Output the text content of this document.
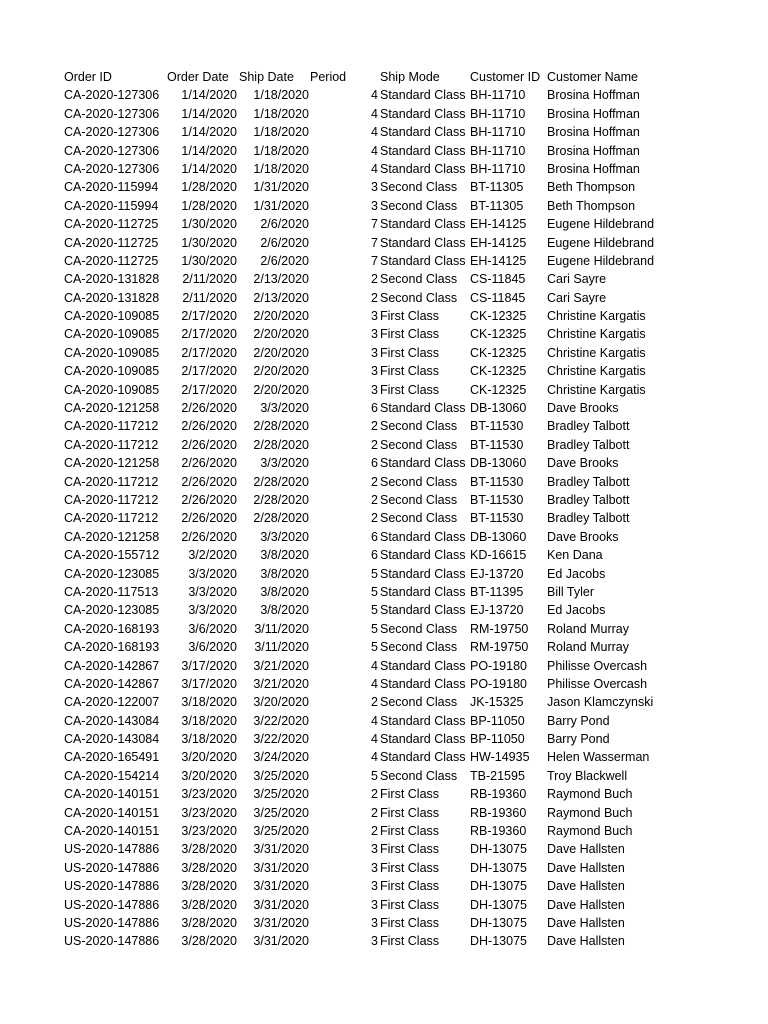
Order ID	Order Date Ship Date Period	Ship Mode Customer ID Customer Name
CA-2020-127306	1/14/2020	1/18/2020	4 Standard Class BH-11710 Brosina Hoffman
CA-2020-127306	1/14/2020	1/18/2020	4 Standard Class BH-11710 Brosina Hoffman
CA-2020-127306	1/14/2020	1/18/2020	4 Standard Class BH-11710 Brosina Hoffman
CA-2020-127306	1/14/2020	1/18/2020	4 Standard Class BH-11710 Brosina Hoffman
CA-2020-127306	1/14/2020	1/18/2020	4 Standard Class BH-11710 Brosina Hoffman
CA-2020-115994	1/28/2020	1/31/2020	3 Second Class BT-11305 Beth Thompson
CA-2020-115994	1/28/2020	1/31/2020	3 Second Class BT-11305 Beth Thompson
CA-2020-112725	1/30/2020	2/6/2020	7 Standard Class EH-14125 Eugene Hildebrand
CA-2020-112725	1/30/2020	2/6/2020	7 Standard Class EH-14125 Eugene Hildebrand
CA-2020-112725	1/30/2020	2/6/2020	7 Standard Class EH-14125 Eugene Hildebrand
CA-2020-131828	2/11/2020	2/13/2020	2 Second Class CS-11845 Cari Sayre
CA-2020-131828	2/11/2020	2/13/2020	2 Second Class CS-11845 Cari Sayre
CA-2020-109085	2/17/2020	2/20/2020	3 First Class CK-12325 Christine Kargatis
CA-2020-109085	2/17/2020	2/20/2020	3 First Class CK-12325 Christine Kargatis
CA-2020-109085	2/17/2020	2/20/2020	3 First Class CK-12325 Christine Kargatis
CA-2020-109085	2/17/2020	2/20/2020	3 First Class CK-12325 Christine Kargatis
CA-2020-109085	2/17/2020	2/20/2020	3 First Class CK-12325 Christine Kargatis
CA-2020-121258	2/26/2020	3/3/2020	6 Standard Class DB-13060 Dave Brooks
CA-2020-117212	2/26/2020	2/28/2020	2 Second Class BT-11530 Bradley Talbott
CA-2020-117212	2/26/2020	2/28/2020	2 Second Class BT-11530 Bradley Talbott
CA-2020-121258	2/26/2020	3/3/2020	6 Standard Class DB-13060 Dave Brooks
CA-2020-117212	2/26/2020	2/28/2020	2 Second Class BT-11530 Bradley Talbott
CA-2020-117212	2/26/2020	2/28/2020	2 Second Class BT-11530 Bradley Talbott
CA-2020-117212	2/26/2020	2/28/2020	2 Second Class BT-11530 Bradley Talbott
CA-2020-121258	2/26/2020	3/3/2020	6 Standard Class DB-13060 Dave Brooks
CA-2020-155712	3/2/2020	3/8/2020	6 Standard Class KD-16615 Ken Dana
CA-2020-123085	3/3/2020	3/8/2020	5 Standard Class EJ-13720 Ed Jacobs
CA-2020-117513	3/3/2020	3/8/2020	5 Standard Class BT-11395 Bill Tyler
CA-2020-123085	3/3/2020	3/8/2020	5 Standard Class EJ-13720 Ed Jacobs
CA-2020-168193	3/6/2020	3/11/2020	5 Second Class RM-19750 Roland Murray
CA-2020-168193	3/6/2020	3/11/2020	5 Second Class RM-19750 Roland Murray
CA-2020-142867	3/17/2020	3/21/2020	4 Standard Class PO-19180 Philisse Overcash
CA-2020-142867	3/17/2020	3/21/2020	4 Standard Class PO-19180 Philisse Overcash
CA-2020-122007	3/18/2020	3/20/2020	2 Second Class JK-15325 Jason Klamczynski
CA-2020-143084	3/18/2020	3/22/2020	4 Standard Class BP-11050 Barry Pond
CA-2020-143084	3/18/2020	3/22/2020	4 Standard Class BP-11050 Barry Pond
CA-2020-165491	3/20/2020	3/24/2020	4 Standard Class HW-14935 Helen Wasserman
CA-2020-154214	3/20/2020	3/25/2020	5 Second Class TB-21595 Troy Blackwell
CA-2020-140151	3/23/2020	3/25/2020	2 First Class RB-19360 Raymond Buch
CA-2020-140151	3/23/2020	3/25/2020	2 First Class RB-19360 Raymond Buch
CA-2020-140151	3/23/2020	3/25/2020	2 First Class RB-19360 Raymond Buch
US-2020-147886	3/28/2020	3/31/2020	3 First Class DH-13075 Dave Hallsten
US-2020-147886	3/28/2020	3/31/2020	3 First Class DH-13075 Dave Hallsten
US-2020-147886	3/28/2020	3/31/2020	3 First Class DH-13075 Dave Hallsten
US-2020-147886	3/28/2020	3/31/2020	3 First Class DH-13075 Dave Hallsten
US-2020-147886	3/28/2020	3/31/2020	3 First Class DH-13075 Dave Hallsten
US-2020-147886	3/28/2020	3/31/2020	3 First Class DH-13075 Dave Hallsten
